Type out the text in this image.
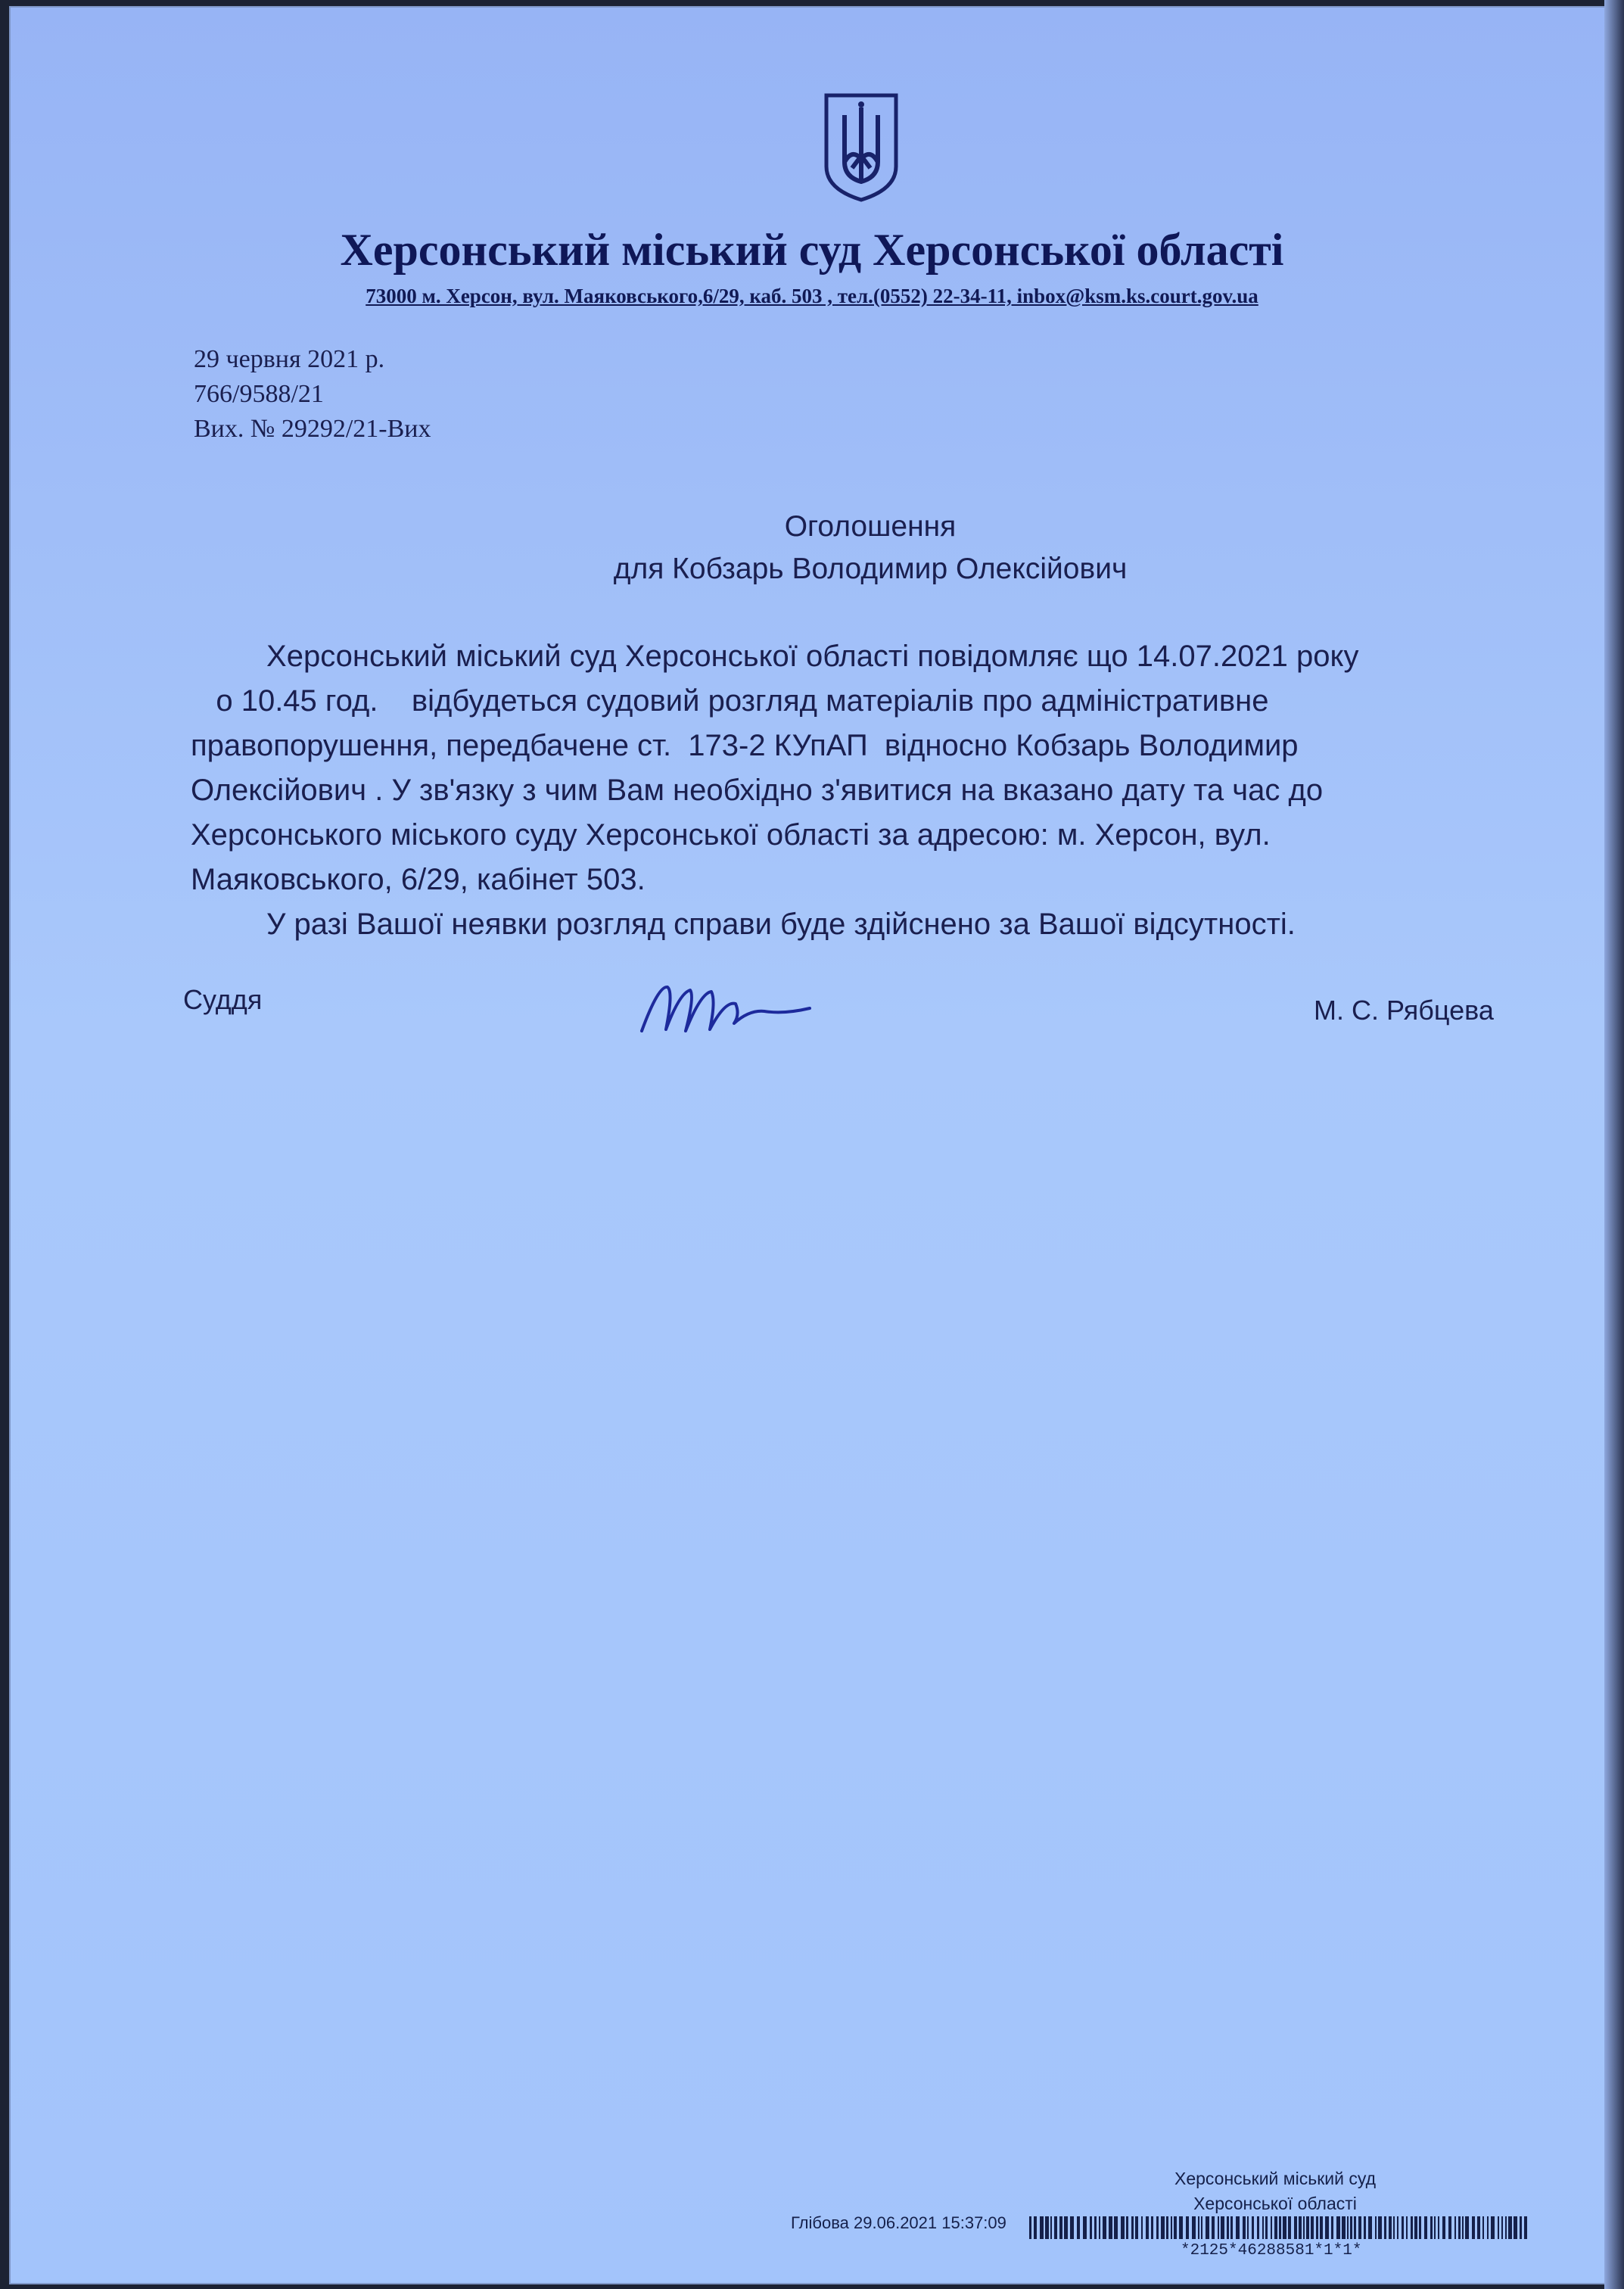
Херсонський міський суд Херсонської області
73000 м. Херсон, вул. Маяковського,6/29, каб. 503 , тел.(0552) 22-34-11, inbox@ksm.ks.court.gov.ua
29 червня 2021 р.
766/9588/21
Вих. № 29292/21-Вих
Оголошення
для Кобзарь Володимир Олексійович
Херсонський міський суд Херсонської області повідомляє що 14.07.2021 року
о 10.45 год.    відбудеться судовий розгляд матеріалів про адміністративне
правопорушення, передбачене ст.  173-2 КУпАП  відносно Кобзарь Володимир
Олексійович . У зв'язку з чим Вам необхідно з'явитися на вказано дату та час до
Херсонського міського суду Херсонської області за адресою: м. Херсон, вул.
Маяковського, 6/29, кабінет 503.
У разі Вашої неявки розгляд справи буде здійснено за Вашої відсутності.
Суддя	М. С. Рябцева
Херсонський міський суд
Херсонської області
Глібова 29.06.2021 15:37:09
*2125*46288581*1*1*
